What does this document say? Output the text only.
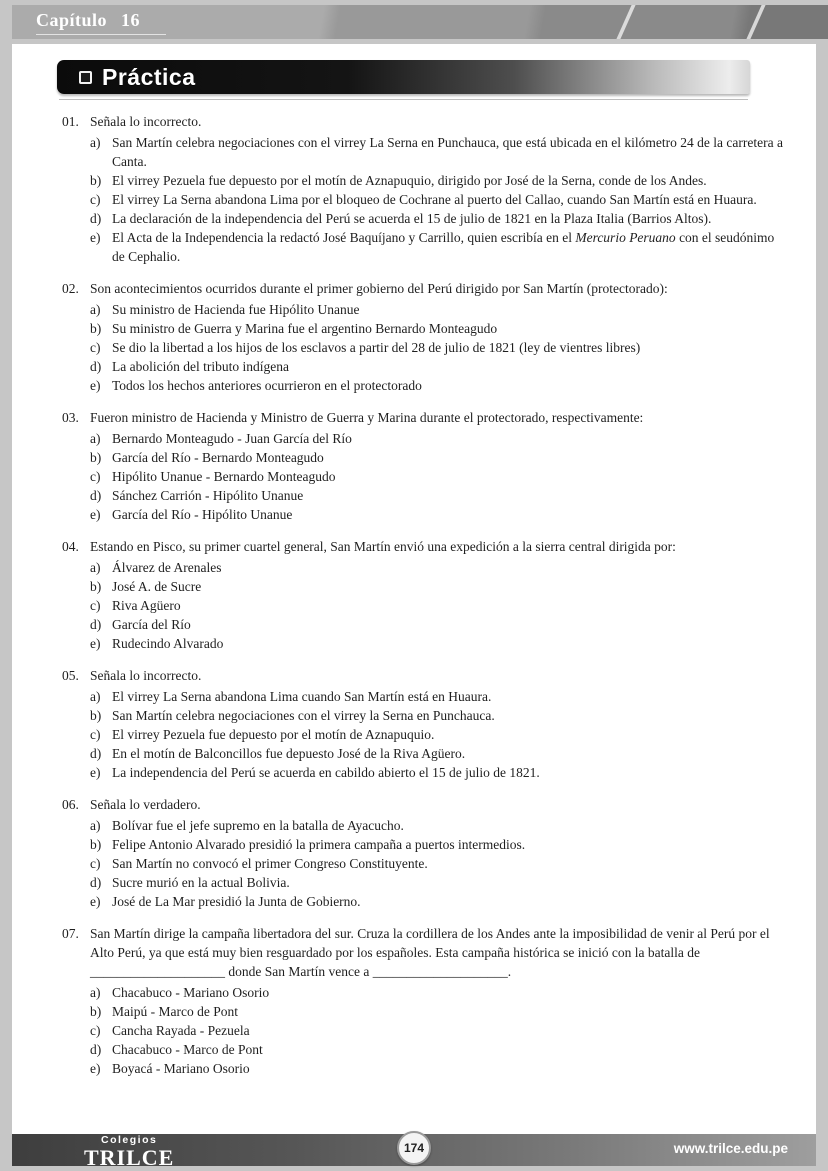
Capítulo 16
Práctica
01. Señala lo incorrecto.
a) San Martín celebra negociaciones con el virrey La Serna en Punchauca, que está ubicada en el kilómetro 24 de la carretera a Canta.
b) El virrey Pezuela fue depuesto por el motín de Aznapuquio, dirigido por José de la Serna, conde de los Andes.
c) El virrey La Serna abandona Lima por el bloqueo de Cochrane al puerto del Callao, cuando San Martín está en Huaura.
d) La declaración de la independencia del Perú se acuerda el 15 de julio de 1821 en la Plaza Italia (Barrios Altos).
e) El Acta de la Independencia la redactó José Baquíjano y Carrillo, quien escribía en el Mercurio Peruano con el seudónimo de Cephalio.
02. Son acontecimientos ocurridos durante el primer gobierno del Perú dirigido por San Martín (protectorado):
a) Su ministro de Hacienda fue Hipólito Unanue
b) Su ministro de Guerra y Marina fue el argentino Bernardo Monteagudo
c) Se dio la libertad a los hijos de los esclavos a partir del 28 de julio de 1821 (ley de vientres libres)
d) La abolición del tributo indígena
e) Todos los hechos anteriores ocurrieron en el protectorado
03. Fueron ministro de Hacienda y Ministro de Guerra y Marina durante el protectorado, respectivamente:
a) Bernardo Monteagudo - Juan García del Río
b) García del Río - Bernardo Monteagudo
c) Hipólito Unanue - Bernardo Monteagudo
d) Sánchez Carrión - Hipólito Unanue
e) García del Río - Hipólito Unanue
04. Estando en Pisco, su primer cuartel general, San Martín envió una expedición a la sierra central dirigida por:
a) Álvarez de Arenales
b) José A. de Sucre
c) Riva Agüero
d) García del Río
e) Rudecindo Alvarado
05. Señala lo incorrecto.
a) El virrey La Serna abandona Lima cuando San Martín está en Huaura.
b) San Martín celebra negociaciones con el virrey la Serna en Punchauca.
c) El virrey Pezuela fue depuesto por el motín de Aznapuquio.
d) En el motín de Balconcillos fue depuesto José de la Riva Agüero.
e) La independencia del Perú se acuerda en cabildo abierto el 15 de julio de 1821.
06. Señala lo verdadero.
a) Bolívar fue el jefe supremo en la batalla de Ayacucho.
b) Felipe Antonio Alvarado presidió la primera campaña a puertos intermedios.
c) San Martín no convocó el primer Congreso Constituyente.
d) Sucre murió en la actual Bolivia.
e) José de La Mar presidió la Junta de Gobierno.
07. San Martín dirige la campaña libertadora del sur. Cruza la cordillera de los Andes ante la imposibilidad de venir al Perú por el Alto Perú, ya que está muy bien resguardado por los españoles. Esta campaña histórica se inició con la batalla de ____________________ donde San Martín vence a ____________________.
a) Chacabuco - Mariano Osorio
b) Maipú - Marco de Pont
c) Cancha Rayada - Pezuela
d) Chacabuco - Marco de Pont
e) Boyacá - Mariano Osorio
Colegios
TRILCE	174	www.trilce.edu.pe
